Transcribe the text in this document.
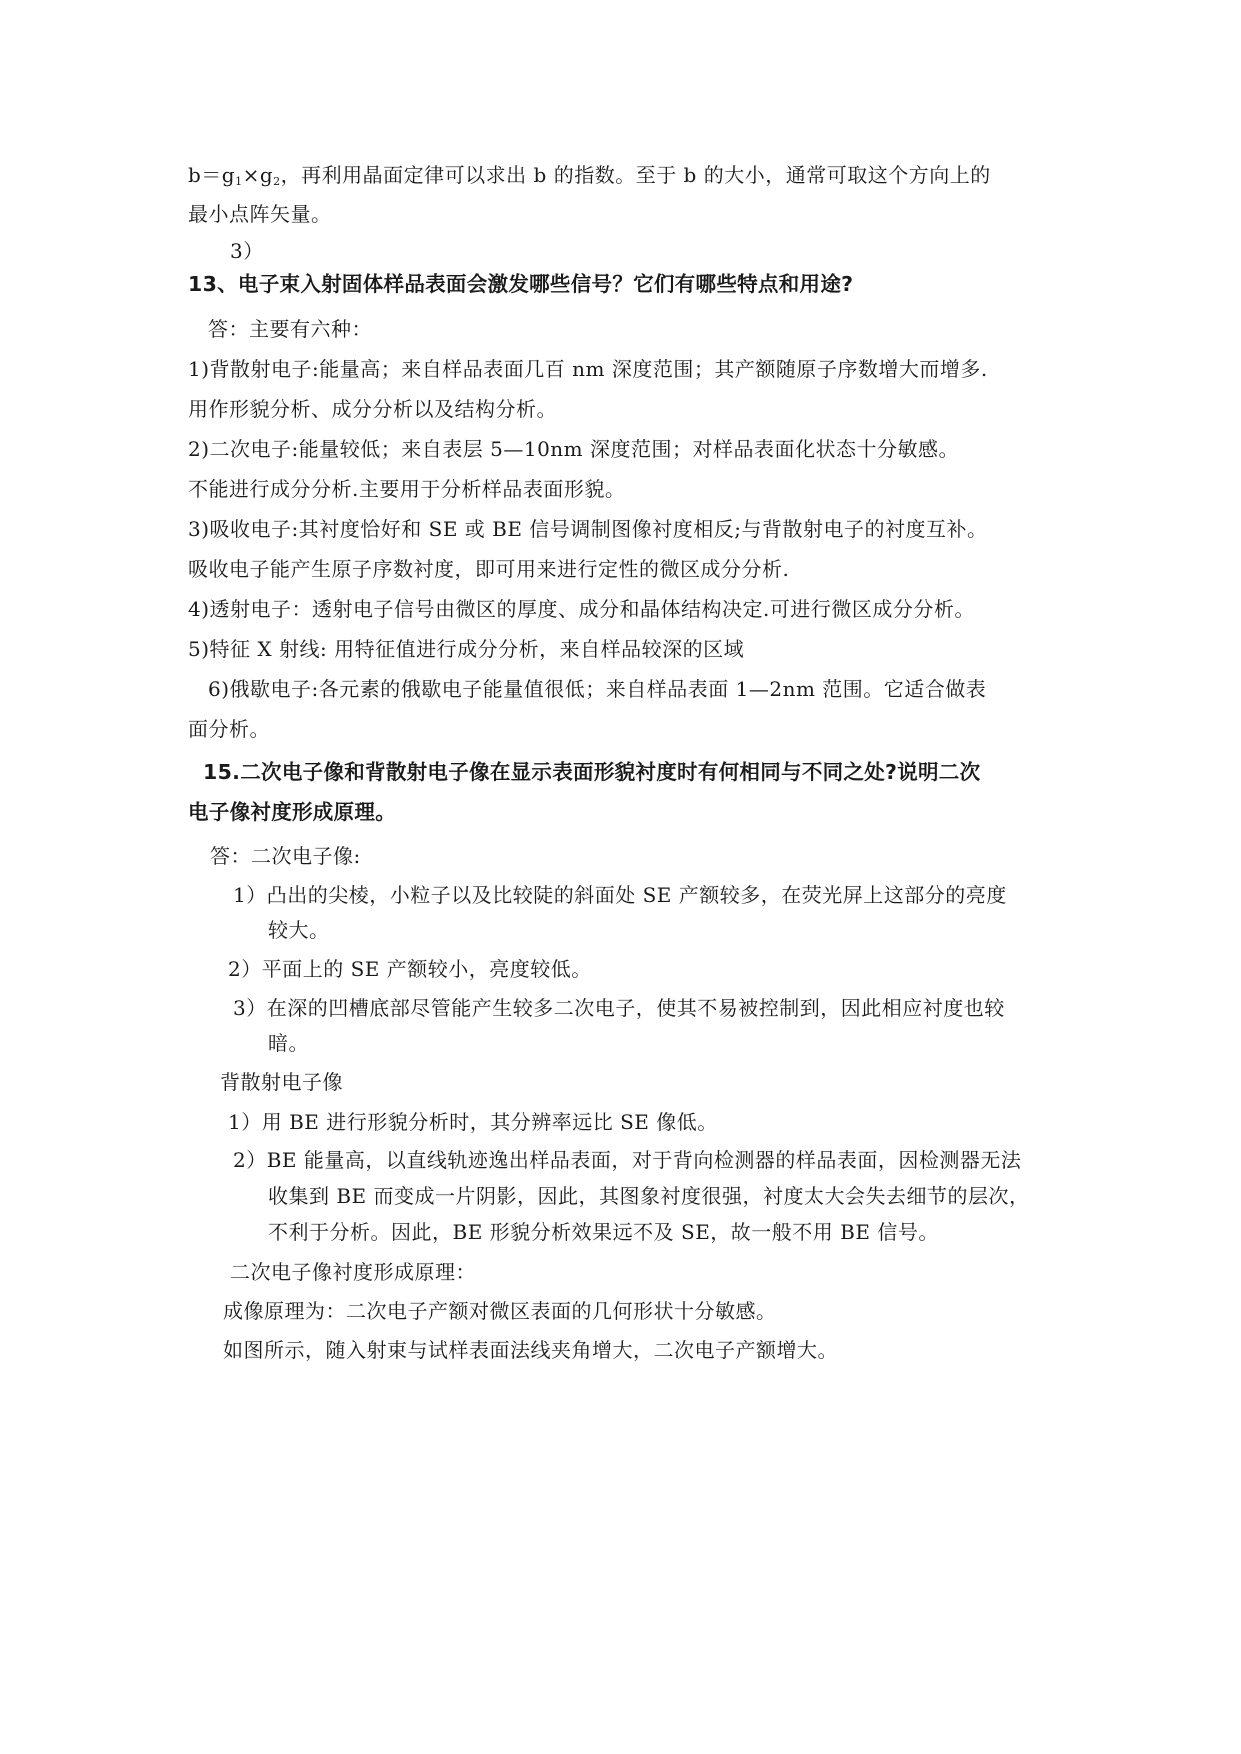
$b=g_1\times g_2$，再利用晶面定律可以求出 b 的指数。至于 b 的大小，通常可取这个方向上的
最小点阵矢量。
3）
13、电子束入射固体样品表面会激发哪些信号？它们有哪些特点和用途?
答：主要有六种：
1)背散射电子:能量高；来自样品表面几百 nm 深度范围；其产额随原子序数增大而增多.
用作形貌分析、成分分析以及结构分析。
2)二次电子:能量较低；来自表层 5—10nm 深度范围；对样品表面化状态十分敏感。
不能进行成分分析.主要用于分析样品表面形貌。
3)吸收电子:其衬度恰好和 SE 或 BE 信号调制图像衬度相反;与背散射电子的衬度互补。
吸收电子能产生原子序数衬度，即可用来进行定性的微区成分分析.
4)透射电子：透射电子信号由微区的厚度、成分和晶体结构决定.可进行微区成分分析。
5)特征 X 射线: 用特征值进行成分分析，来自样品较深的区域
6)俄歇电子:各元素的俄歇电子能量值很低；来自样品表面 1—2nm 范围。它适合做表
面分析。
15.二次电子像和背散射电子像在显示表面形貌衬度时有何相同与不同之处?说明二次
电子像衬度形成原理。
答：二次电子像:
1）凸出的尖棱，小粒子以及比较陡的斜面处 SE 产额较多，在荧光屏上这部分的亮度
较大。
2）平面上的 SE 产额较小，亮度较低。
3）在深的凹槽底部尽管能产生较多二次电子，使其不易被控制到，因此相应衬度也较
暗。
背散射电子像
1）用 BE 进行形貌分析时，其分辨率远比 SE 像低。
2）BE 能量高，以直线轨迹逸出样品表面，对于背向检测器的样品表面，因检测器无法
收集到 BE 而变成一片阴影，因此，其图象衬度很强，衬度太大会失去细节的层次，
不利于分析。因此，BE 形貌分析效果远不及 SE，故一般不用 BE 信号。
二次电子像衬度形成原理：
成像原理为：二次电子产额对微区表面的几何形状十分敏感。
如图所示，随入射束与试样表面法线夹角增大，二次电子产额增大。
